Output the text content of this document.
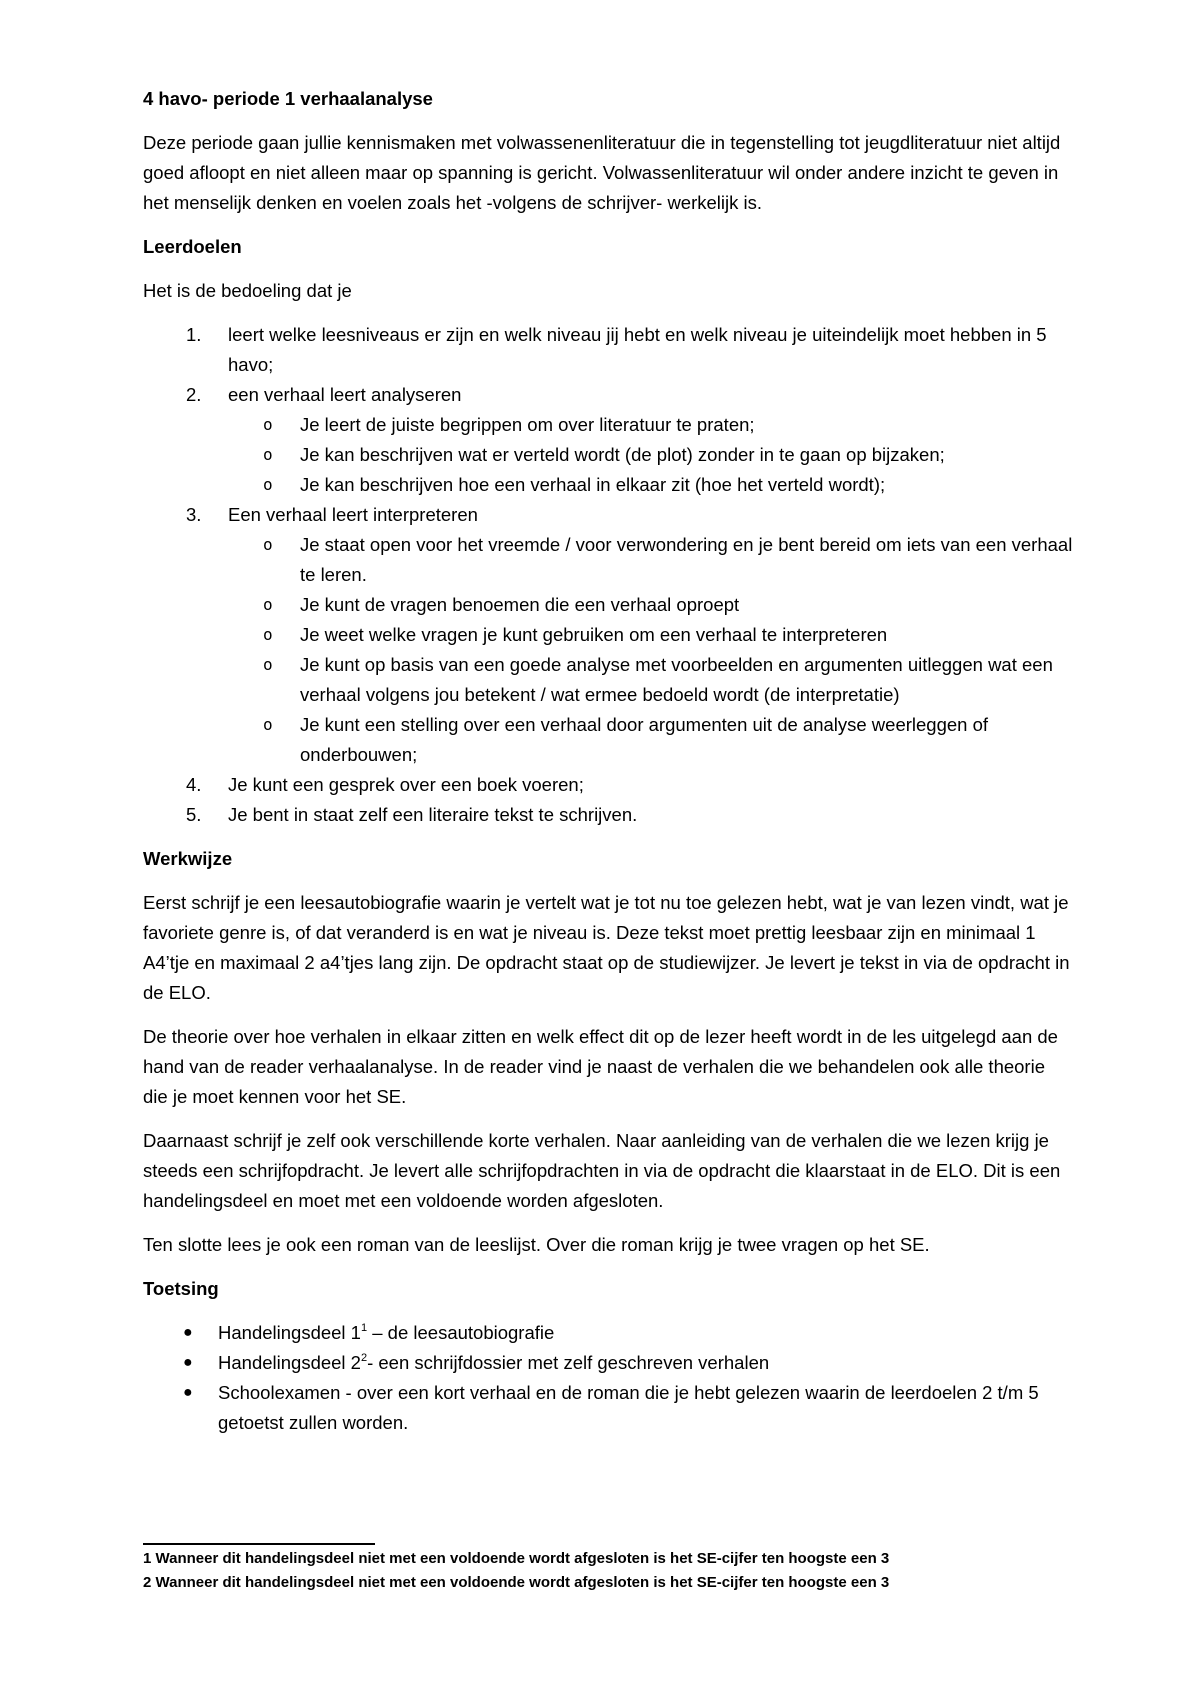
4 havo- periode 1 verhaalanalyse

Deze periode gaan jullie kennismaken met volwassenenliteratuur die in tegenstelling tot jeugdliteratuur niet altijd goed afloopt en niet alleen maar op spanning is gericht. Volwassenliteratuur wil onder andere inzicht te geven in het menselijk denken en voelen zoals het -volgens de schrijver- werkelijk is.

Leerdoelen

Het is de bedoeling dat je

1. leert welke leesniveaus er zijn en welk niveau jij hebt en welk niveau je uiteindelijk moet hebben in 5 havo;
2. een verhaal leert analyseren
o Je leert de juiste begrippen om over literatuur te praten;
o Je kan beschrijven wat er verteld wordt (de plot) zonder in te gaan op bijzaken;
o Je kan beschrijven hoe een verhaal in elkaar zit (hoe het verteld wordt);
3. Een verhaal leert interpreteren
o Je staat open voor het vreemde / voor verwondering en je bent bereid om iets van een verhaal te leren.
o Je kunt de vragen benoemen die een verhaal oproept
o Je weet welke vragen je kunt gebruiken om een verhaal te interpreteren
o Je kunt op basis van een goede analyse met voorbeelden en argumenten uitleggen wat een verhaal volgens jou betekent / wat ermee bedoeld wordt (de interpretatie)
o Je kunt een stelling over een verhaal door argumenten uit de analyse weerleggen of onderbouwen;
4. Je kunt een gesprek over een boek voeren;
5. Je bent in staat zelf een literaire tekst te schrijven.

Werkwijze

Eerst schrijf je een leesautobiografie waarin je vertelt wat je tot nu toe gelezen hebt, wat je van lezen vindt, wat je favoriete genre is, of dat veranderd is en wat je niveau is. Deze tekst moet prettig leesbaar zijn en minimaal 1 A4’tje en maximaal 2 a4’tjes lang zijn. De opdracht staat op de studiewijzer. Je levert je tekst in via de opdracht in de ELO.

De theorie over hoe verhalen in elkaar zitten en welk effect dit op de lezer heeft wordt in de les uitgelegd aan de hand van de reader verhaalanalyse. In de reader vind je naast de verhalen die we behandelen ook alle theorie die je moet kennen voor het SE.

Daarnaast schrijf je zelf ook verschillende korte verhalen. Naar aanleiding van de verhalen die we lezen krijg je steeds een schrijfopdracht. Je levert alle schrijfopdrachten in via de opdracht die klaarstaat in de ELO. Dit is een handelingsdeel en moet met een voldoende worden afgesloten.

Ten slotte lees je ook een roman van de leeslijst. Over die roman krijg je twee vragen op het SE.

Toetsing

● Handelingsdeel $1^1$ – de leesautobiografie
● Handelingsdeel $2^2-$ een schrijfdossier met zelf geschreven verhalen
● Schoolexamen - over een kort verhaal en de roman die je hebt gelezen waarin de leerdoelen 2 t/m 5 getoetst zullen worden.
1 Wanneer dit handelingsdeel niet met een voldoende wordt afgesloten is het SE-cijfer ten hoogste een 3
2 Wanneer dit handelingsdeel niet met een voldoende wordt afgesloten is het SE-cijfer ten hoogste een 3
